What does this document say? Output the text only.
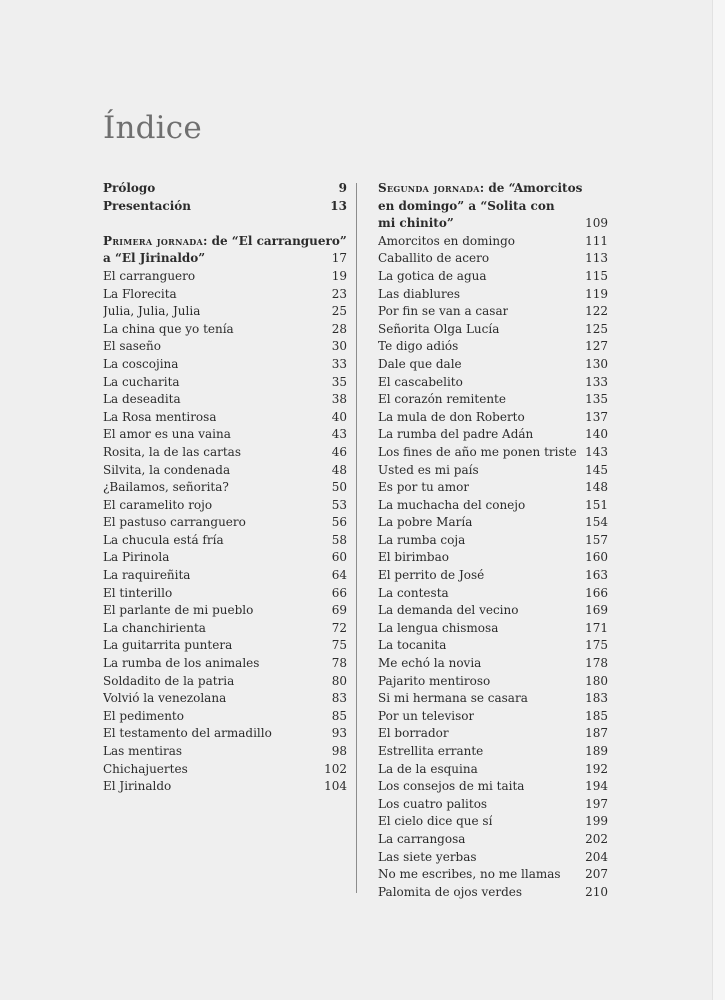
Índice
Prólogo	9
Presentación	13
Primera jornada: de “El carranguero”
a “El Jirinaldo”	17
El carranguero	19
La Florecita	23
Julia, Julia, Julia	25
La china que yo tenía	28
El saseño	30
La coscojina	33
La cucharita	35
La deseadita	38
La Rosa mentirosa	40
El amor es una vaina	43
Rosita, la de las cartas	46
Silvita, la condenada	48
¿Bailamos, señorita?	50
El caramelito rojo	53
El pastuso carranguero	56
La chucula está fría	58
La Pirinola	60
La raquireñita	64
El tinterillo	66
El parlante de mi pueblo	69
La chanchirienta	72
La guitarrita puntera	75
La rumba de los animales	78
Soldadito de la patria	80
Volvió la venezolana	83
El pedimento	85
El testamento del armadillo	93
Las mentiras	98
Chichajuertes	102
El Jirinaldo	104
Segunda jornada: de “Amorcitos
en domingo” a “Solita con
mi chinito”	109
Amorcitos en domingo	111
Caballito de acero	113
La gotica de agua	115
Las diablures	119
Por fin se van a casar	122
Señorita Olga Lucía	125
Te digo adiós	127
Dale que dale	130
El cascabelito	133
El corazón remitente	135
La mula de don Roberto	137
La rumba del padre Adán	140
Los fines de año me ponen triste 143
Usted es mi país	145
Es por tu amor	148
La muchacha del conejo	151
La pobre María	154
La rumba coja	157
El birimbao	160
El perrito de José	163
La contesta	166
La demanda del vecino	169
La lengua chismosa	171
La tocanita	175
Me echó la novia	178
Pajarito mentiroso	180
Si mi hermana se casara	183
Por un televisor	185
El borrador	187
Estrellita errante	189
La de la esquina	192
Los consejos de mi taita	194
Los cuatro palitos	197
El cielo dice que sí	199
La carrangosa	202
Las siete yerbas	204
No me escribes, no me llamas 207
Palomita de ojos verdes	210
